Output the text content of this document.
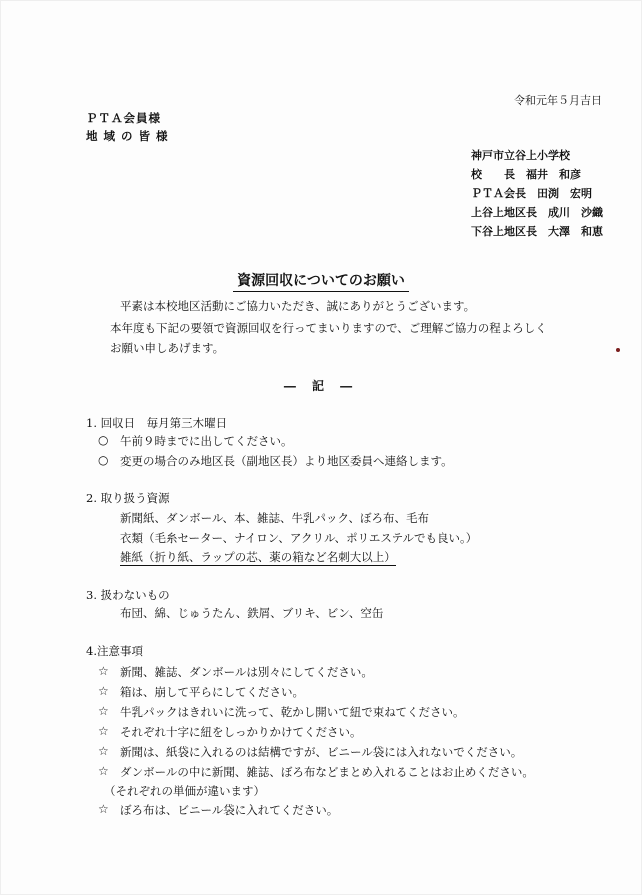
令和元年５月吉日
ＰＴＡ会員様
地 域 の 皆 様
神戸市立谷上小学校
校　　長　福井　和彦
ＰＴＡ会長　田渕　宏明
上谷上地区長　成川　沙織
下谷上地区長　大澤　和恵
資源回収についてのお願い
平素は本校地区活動にご協力いただき、誠にありがとうございます。
本年度も下記の要領で資源回収を行ってまいりますので、ご理解ご協力の程よろしく
お願い申しあげます。
― 記 ―
1. 回収日　毎月第三木曜日
○ 午前９時までに出してください。
○ 変更の場合のみ地区長（副地区長）より地区委員へ連絡します。
2. 取り扱う資源
新聞紙、ダンボール、本、雑誌、牛乳パック、ぼろ布、毛布
衣類（毛糸セーター、ナイロン、アクリル、ポリエステルでも良い。）
雑紙（折り紙、ラップの芯、薬の箱など名刺大以上）
3. 扱わないもの
布団、綿、じゅうたん、鉄屑、ブリキ、ビン、空缶
4.注意事項
☆ 新聞、雑誌、ダンボールは別々にしてください。
☆ 箱は、崩して平らにしてください。
☆ 牛乳パックはきれいに洗って、乾かし開いて紐で束ねてください。
☆ それぞれ十字に紐をしっかりかけてください。
☆ 新聞は、紙袋に入れるのは結構ですが、ビニール袋には入れないでください。
☆ ダンボールの中に新聞、雑誌、ぼろ布などまとめ入れることはお止めください。
（それぞれの単価が違います）
☆ ぼろ布は、ビニール袋に入れてください。
